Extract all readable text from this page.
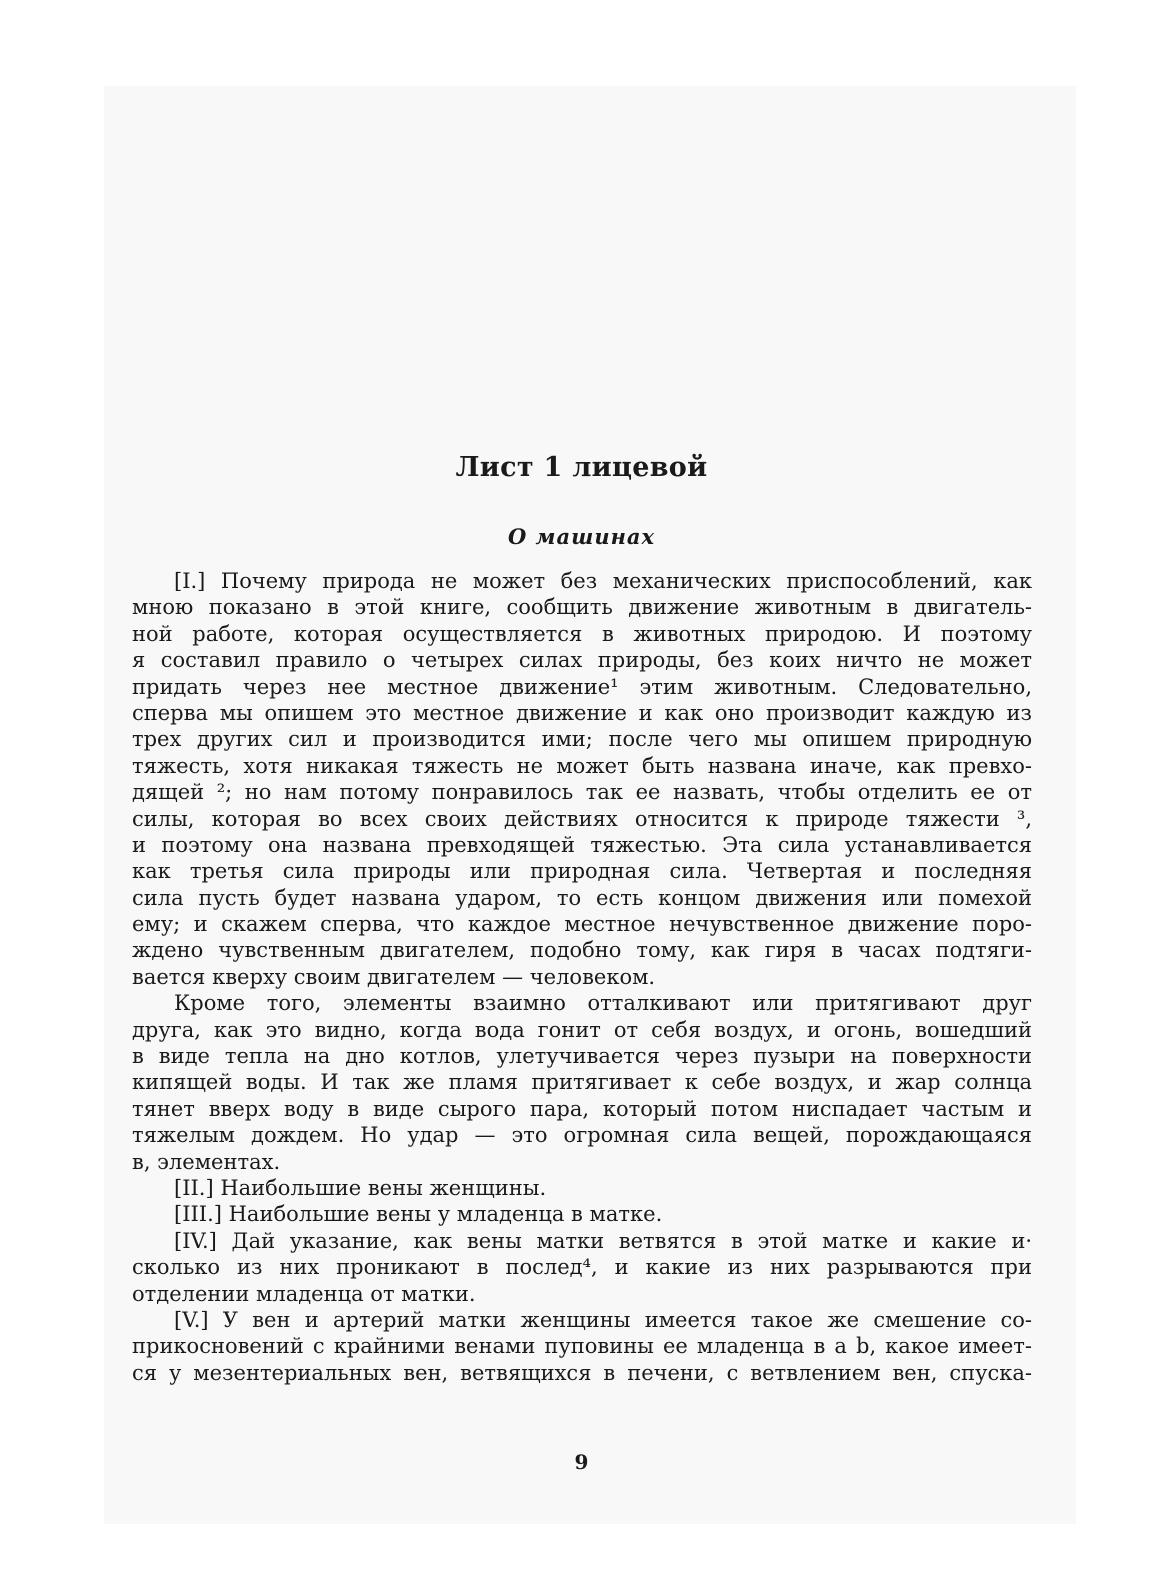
Лист 1 лицевой
О машинах
[I.] Почему природа не может без механических приспособлений, как
мною показано в этой книге, сообщить движение животным в двигатель-
ной работе, которая осуществляется в животных природою. И поэтому
я составил правило о четырех силах природы, без коих ничто не может
придать через нее местное движение¹ этим животным. Следовательно,
сперва мы опишем это местное движение и как оно производит каждую из
трех других сил и производится ими; после чего мы опишем природную
тяжесть, хотя никакая тяжесть не может быть названа иначе, как превхо-
дящей ²; но нам потому понравилось так ее назвать, чтобы отделить ее от
силы, которая во всех своих действиях относится к природе тяжести ³,
и поэтому она названа превходящей тяжестью. Эта сила устанавливается
как третья сила природы или природная сила. Четвертая и последняя
сила пусть будет названа ударом, то есть концом движения или помехой
ему; и скажем сперва, что каждое местное нечувственное движение поро-
ждено чувственным двигателем, подобно тому, как гиря в часах подтяги-
вается кверху своим двигателем — человеком.
Кроме того, элементы взаимно отталкивают или притягивают друг
друга, как это видно, когда вода гонит от себя воздух, и огонь, вошедший
в виде тепла на дно котлов, улетучивается через пузыри на поверхности
кипящей воды. И так же пламя притягивает к себе воздух, и жар солнца
тянет вверх воду в виде сырого пара, который потом ниспадает частым и
тяжелым дождем. Но удар — это огромная сила вещей, порождающаяся
в, элементах.
[II.] Наибольшие вены женщины.
[III.] Наибольшие вены у младенца в матке.
[IV.] Дай указание, как вены матки ветвятся в этой матке и какие и·
сколько из них проникают в послед⁴, и какие из них разрываются при
отделении младенца от матки.
[V.] У вен и артерий матки женщины имеется такое же смешение со-
прикосновений с крайними венами пуповины ее младенца в a b, какое имеет-
ся у мезентериальных вен, ветвящихся в печени, с ветвлением вен, спуска-
9
